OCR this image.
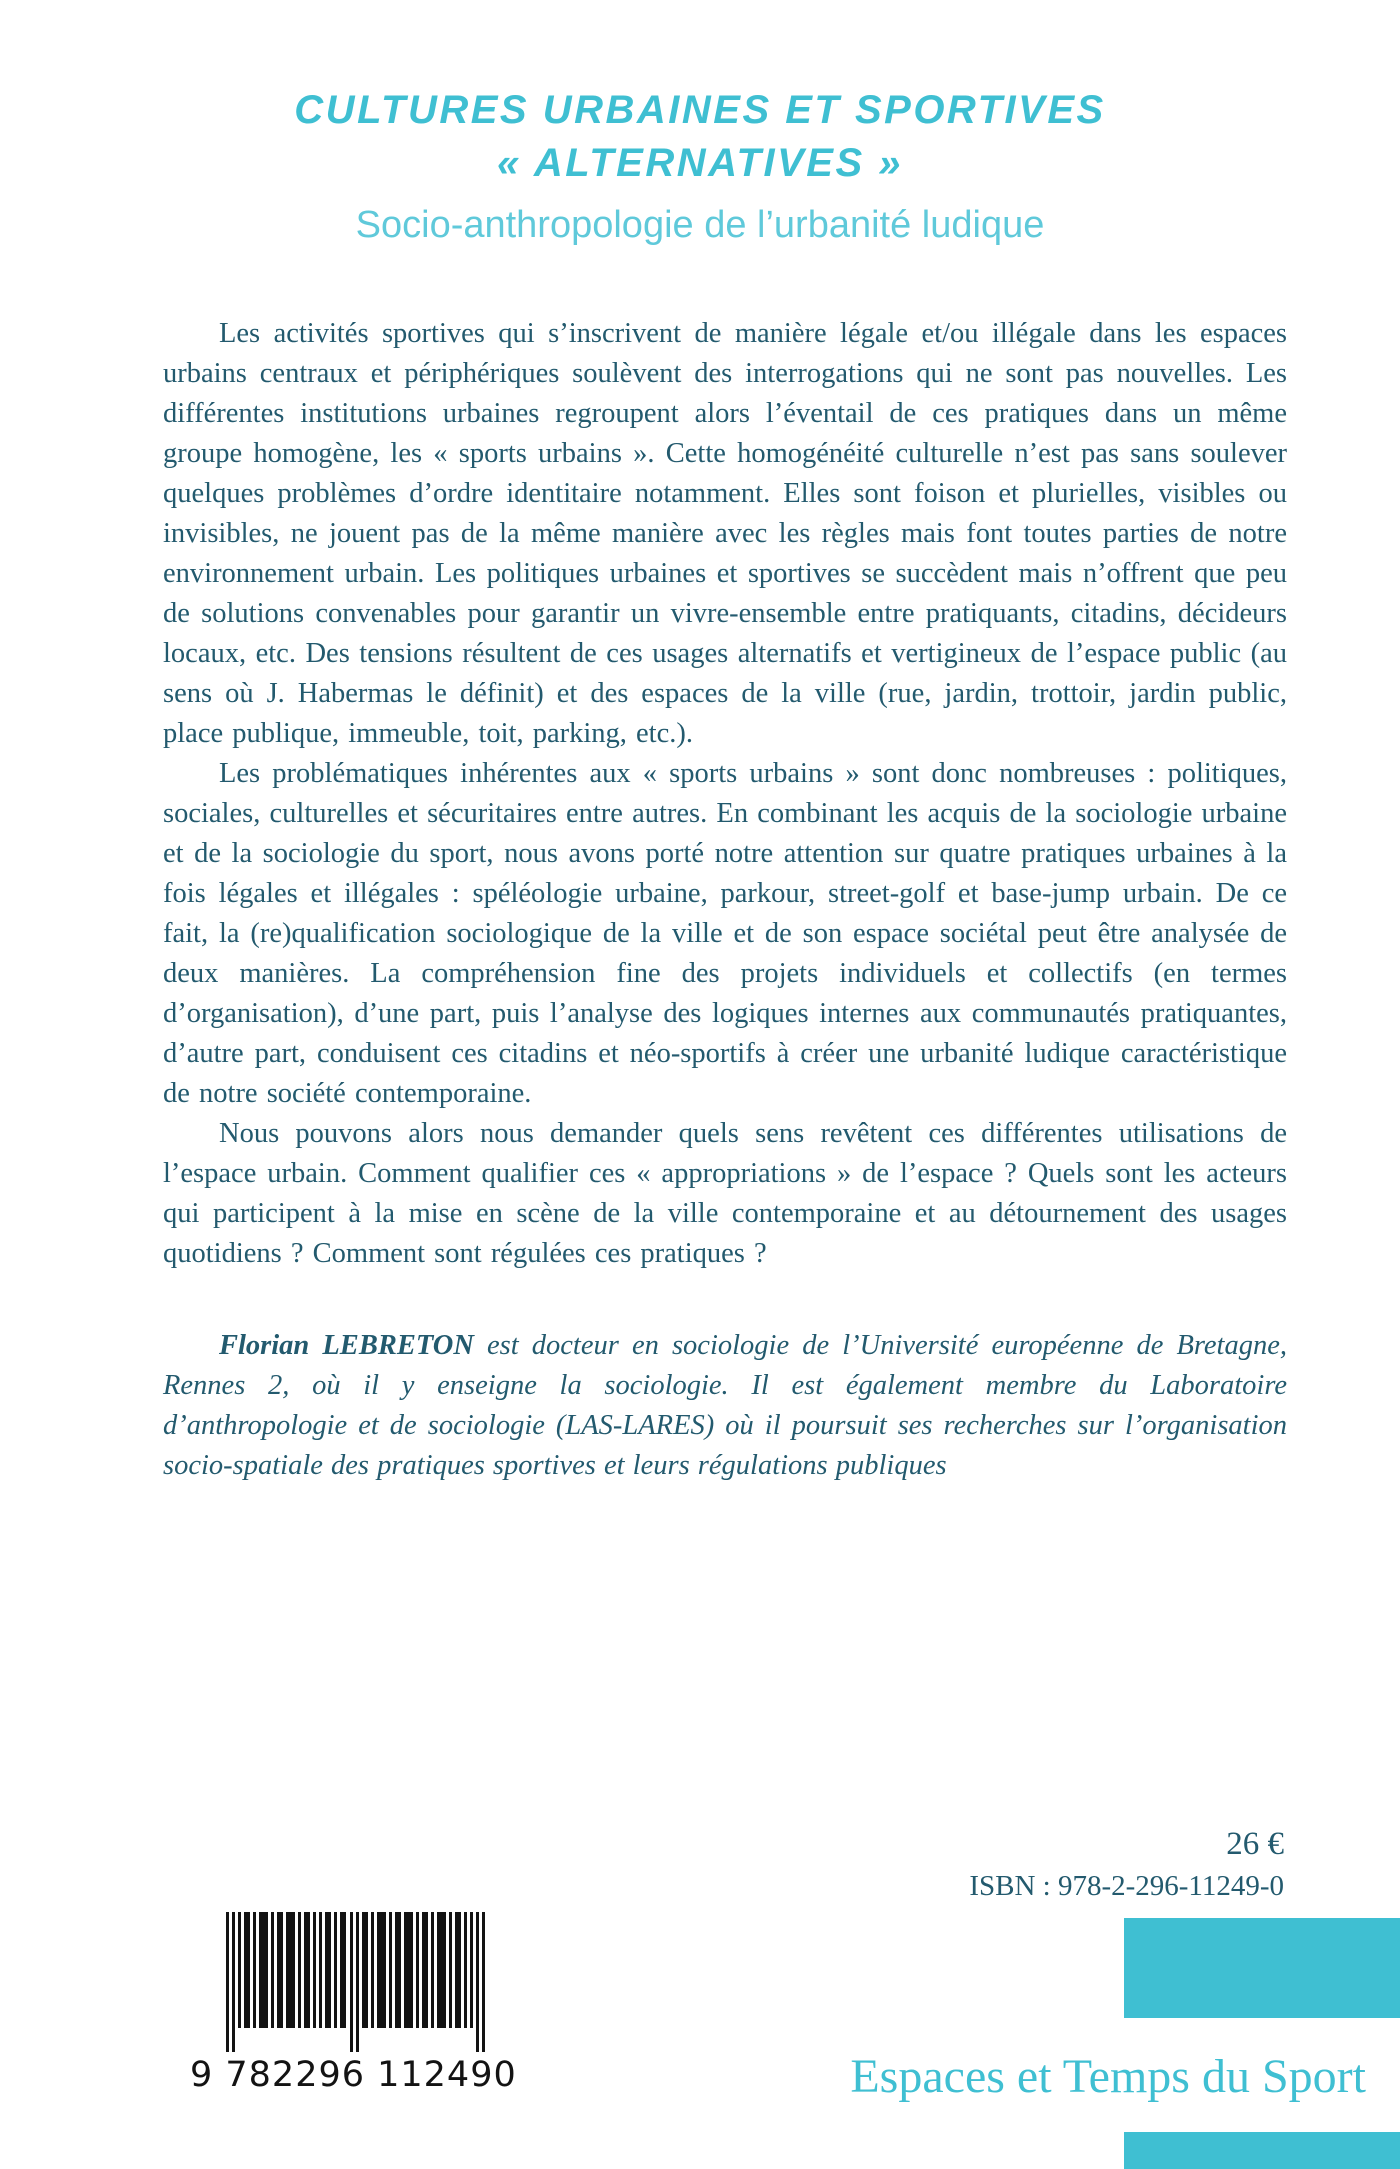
CULTURES URBAINES ET SPORTIVES
« ALTERNATIVES »
Socio-anthropologie de l’urbanité ludique

Les activités sportives qui s’inscrivent de manière légale et/ou illégale dans les espaces urbains centraux et périphériques soulèvent des interrogations qui ne sont pas nouvelles. Les différentes institutions urbaines regroupent alors l’éventail de ces pratiques dans un même groupe homogène, les « sports urbains ». Cette homogénéité culturelle n’est pas sans soulever quelques problèmes d’ordre identitaire notamment. Elles sont foison et plurielles, visibles ou invisibles, ne jouent pas de la même manière avec les règles mais font toutes parties de notre environnement urbain. Les politiques urbaines et sportives se succèdent mais n’offrent que peu de solutions convenables pour garantir un vivre-ensemble entre pratiquants, citadins, décideurs locaux, etc. Des tensions résultent de ces usages alternatifs et vertigineux de l’espace public (au sens où J. Habermas le définit) et des espaces de la ville (rue, jardin, trottoir, jardin public, place publique, immeuble, toit, parking, etc.).

Les problématiques inhérentes aux « sports urbains » sont donc nombreuses : politiques, sociales, culturelles et sécuritaires entre autres. En combinant les acquis de la sociologie urbaine et de la sociologie du sport, nous avons porté notre attention sur quatre pratiques urbaines à la fois légales et illégales : spéléologie urbaine, parkour, street-golf et base-jump urbain. De ce fait, la (re)qualification sociologique de la ville et de son espace sociétal peut être analysée de deux manières. La compréhension fine des projets individuels et collectifs (en termes d’organisation), d’une part, puis l’analyse des logiques internes aux communautés pratiquantes, d’autre part, conduisent ces citadins et néo-sportifs à créer une urbanité ludique caractéristique de notre société contemporaine.

Nous pouvons alors nous demander quels sens revêtent ces différentes utilisations de l’espace urbain. Comment qualifier ces « appropriations » de l’espace ? Quels sont les acteurs qui participent à la mise en scène de la ville contemporaine et au détournement des usages quotidiens ? Comment sont régulées ces pratiques ?

Florian LEBRETON est docteur en sociologie de l’Université européenne de Bretagne, Rennes 2, où il y enseigne la sociologie. Il est également membre du Laboratoire d’anthropologie et de sociologie (LAS-LARES) où il poursuit ses recherches sur l’organisation socio-spatiale des pratiques sportives et leurs régulations publiques

26 €
ISBN : 978-2-296-11249-0
9 782296 112490	Espaces et Temps du Sport
